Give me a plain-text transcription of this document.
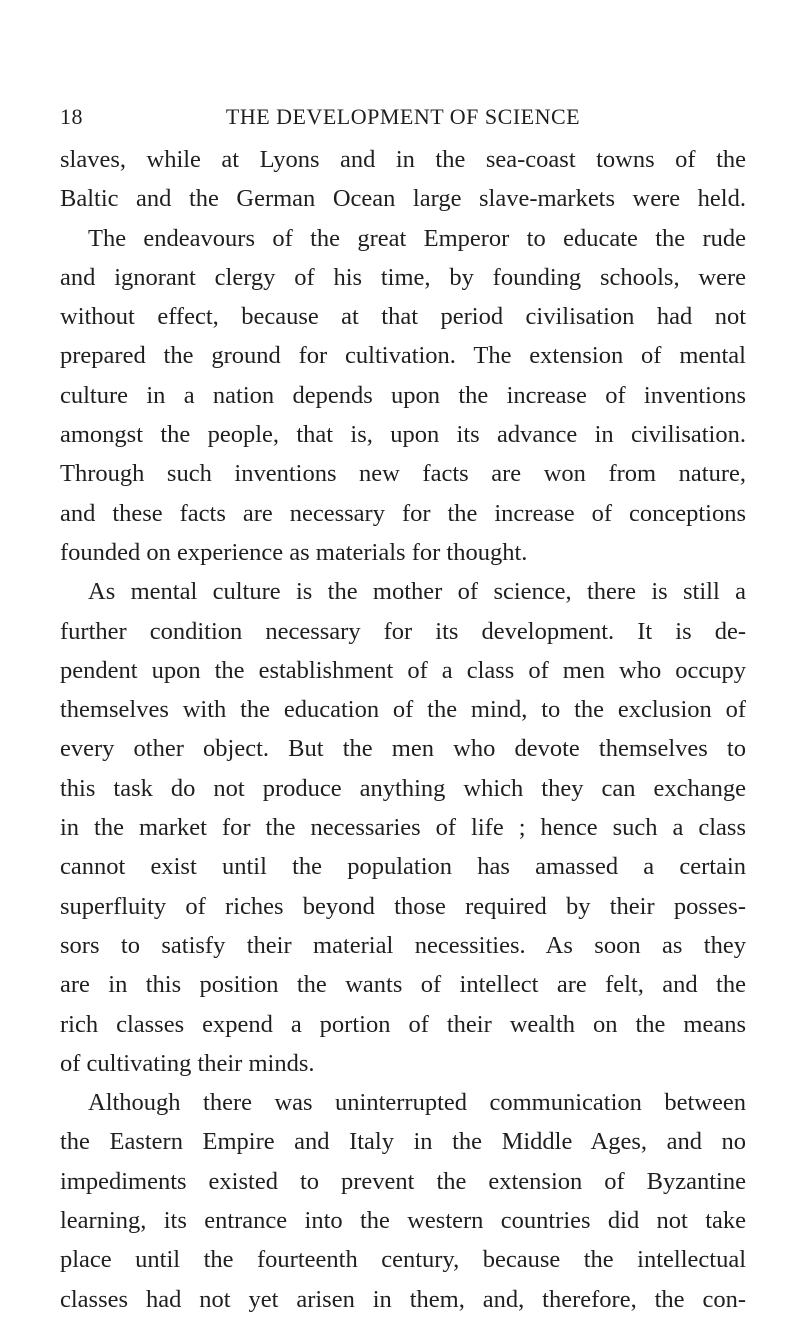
18	THE DEVELOPMENT OF SCIENCE
slaves, while at Lyons and in the sea-coast towns of the
Baltic and the German Ocean large slave-markets were held.
The endeavours of the great Emperor to educate the rude
and ignorant clergy of his time, by founding schools, were
without effect, because at that period civilisation had not
prepared the ground for cultivation. The extension of mental
culture in a nation depends upon the increase of inventions
amongst the people, that is, upon its advance in civilisation.
Through such inventions new facts are won from nature,
and these facts are necessary for the increase of conceptions
founded on experience as materials for thought.
As mental culture is the mother of science, there is still a
further condition necessary for its development. It is de-
pendent upon the establishment of a class of men who occupy
themselves with the education of the mind, to the exclusion of
every other object. But the men who devote themselves to
this task do not produce anything which they can exchange
in the market for the necessaries of life ; hence such a class
cannot exist until the population has amassed a certain
superfluity of riches beyond those required by their posses-
sors to satisfy their material necessities. As soon as they
are in this position the wants of intellect are felt, and the
rich classes expend a portion of their wealth on the means
of cultivating their minds.
Although there was uninterrupted communication between
the Eastern Empire and Italy in the Middle Ages, and no
impediments existed to prevent the extension of Byzantine
learning, its entrance into the western countries did not take
place until the fourteenth century, because the intellectual
classes had not yet arisen in them, and, therefore, the con-
